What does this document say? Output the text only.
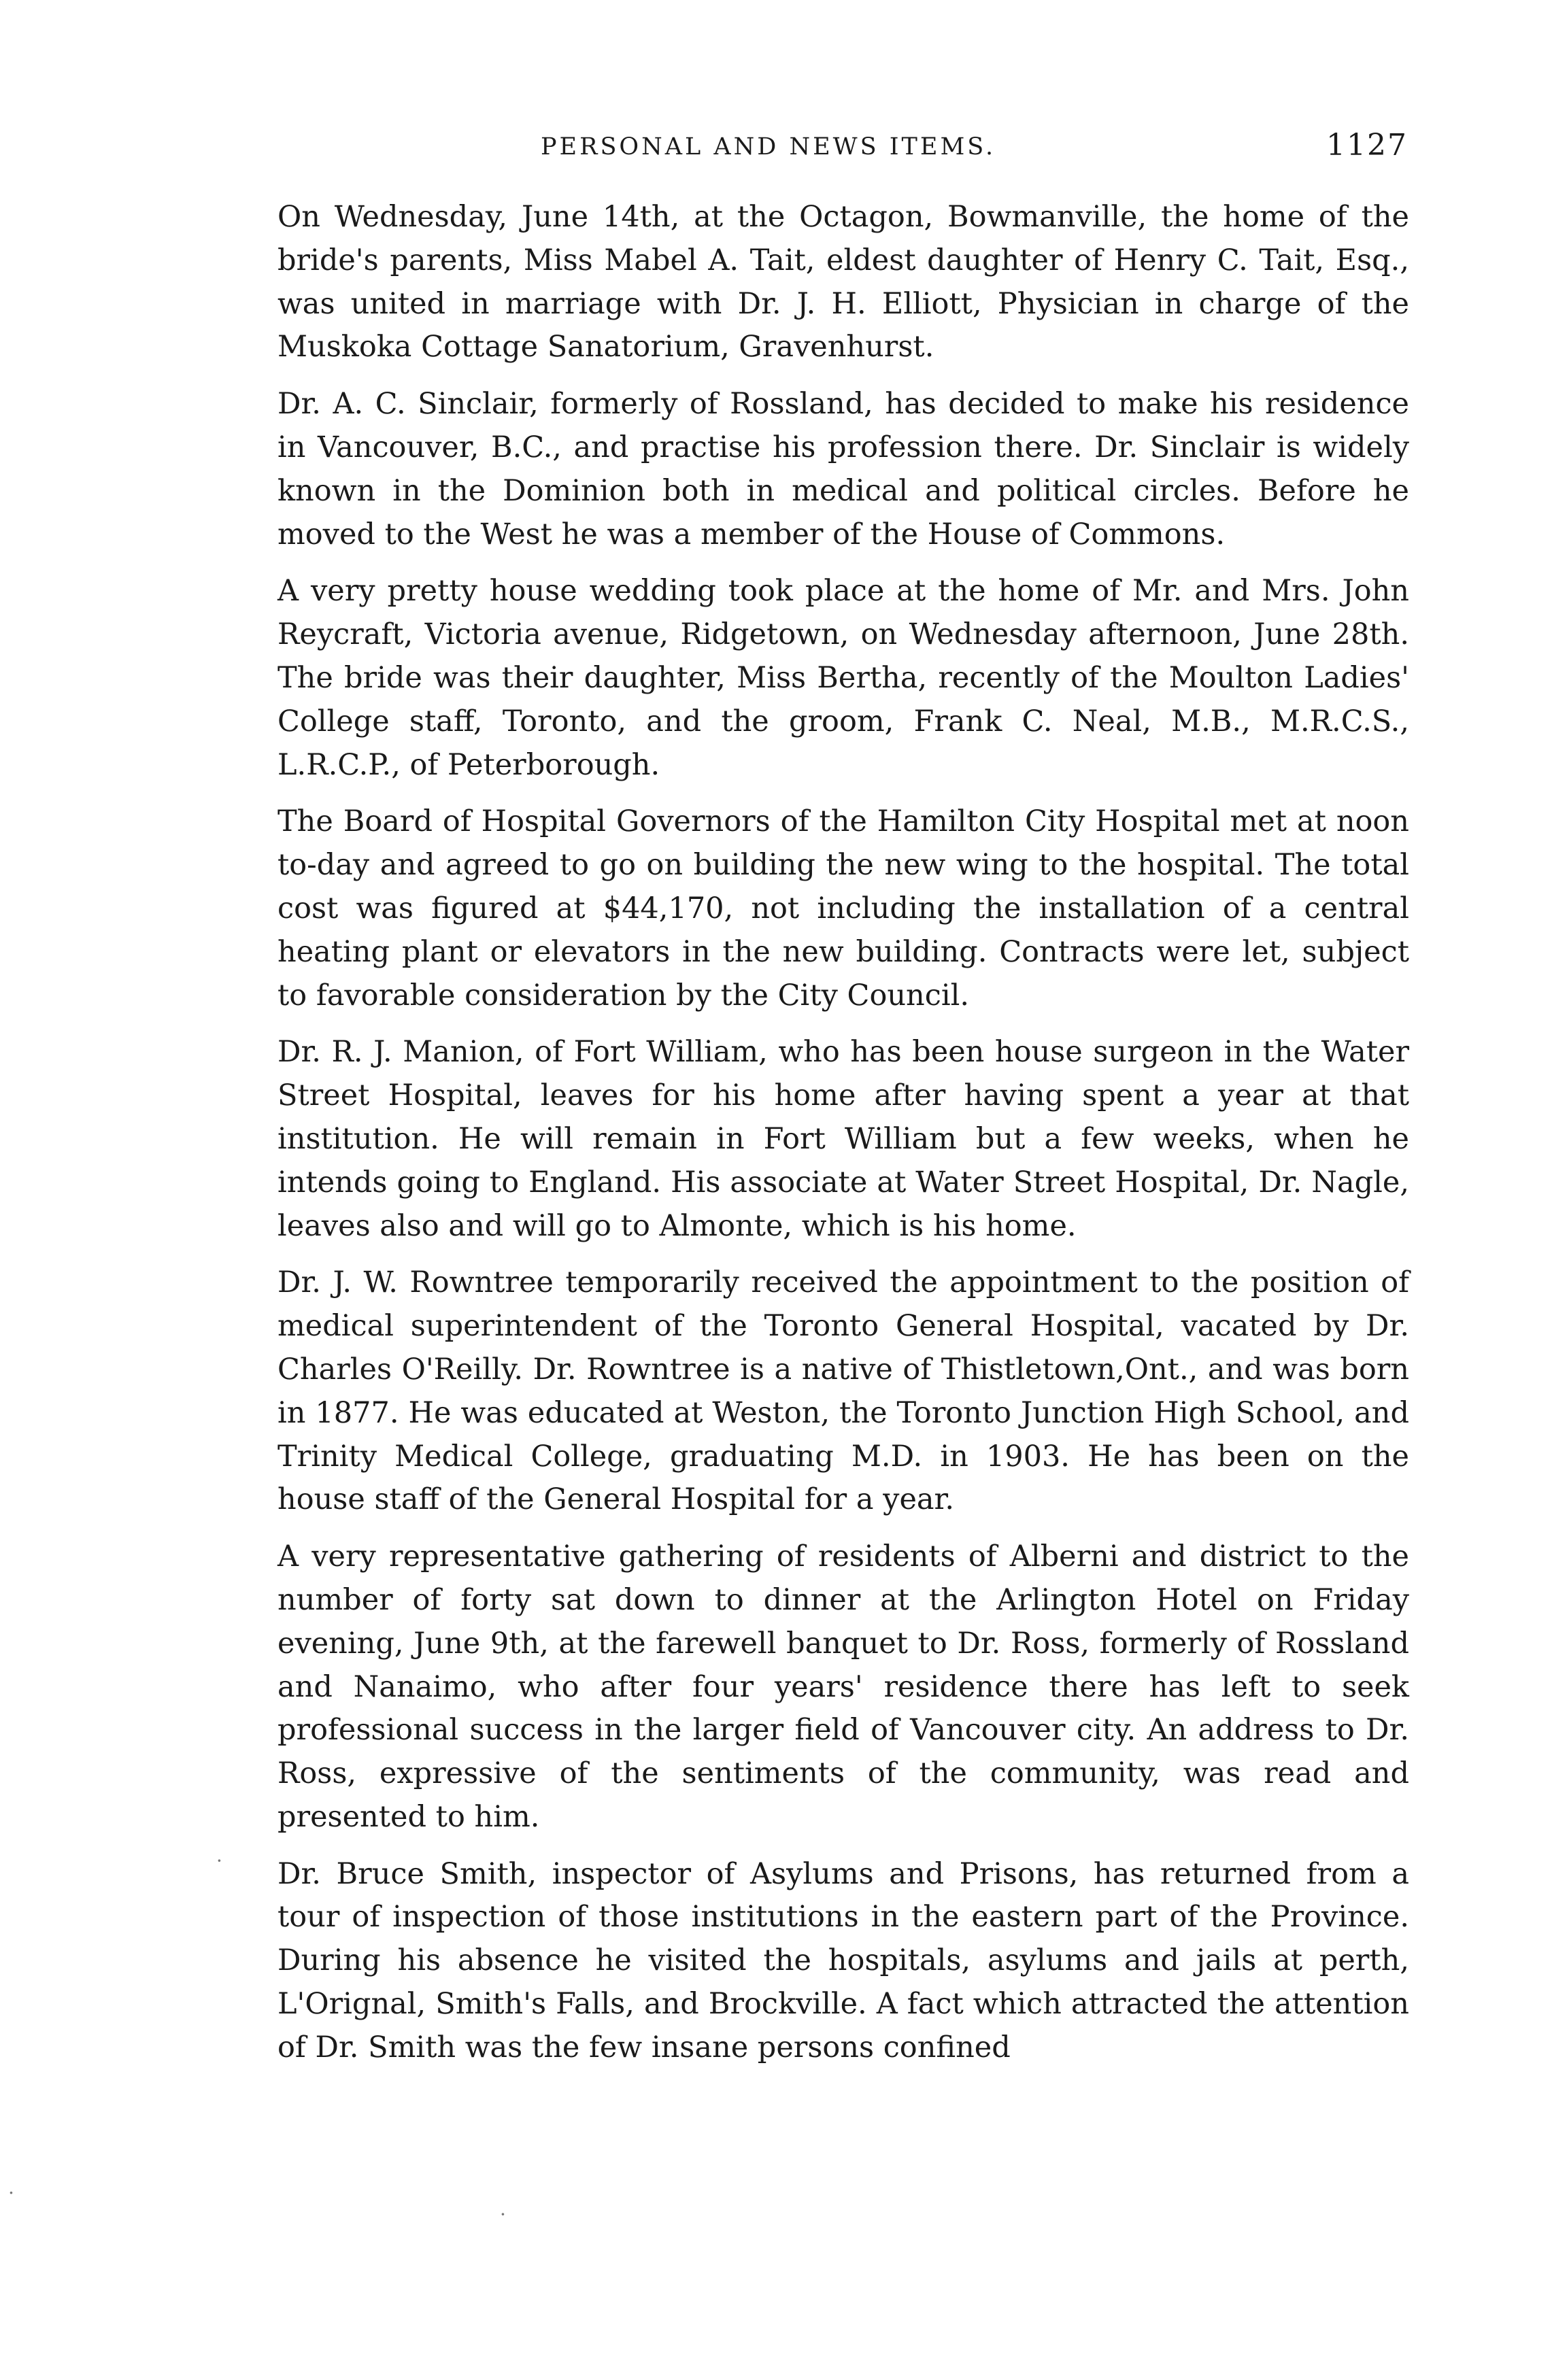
PERSONAL AND NEWS ITEMS.	1127

On Wednesday, June 14th, at the Octagon, Bowmanville, the home of the bride's parents, Miss Mabel A. Tait, eldest daughter of Henry C. Tait, Esq., was united in marriage with Dr. J. H. Elliott, Physician in charge of the Muskoka Cottage Sanatorium, Gravenhurst.

Dr. A. C. Sinclair, formerly of Rossland, has decided to make his residence in Vancouver, B.C., and practise his profession there. Dr. Sinclair is widely known in the Dominion both in medical and political circles. Before he moved to the West he was a member of the House of Commons.

A very pretty house wedding took place at the home of Mr. and Mrs. John Reycraft, Victoria avenue, Ridgetown, on Wednesday afternoon, June 28th. The bride was their daughter, Miss Bertha, recently of the Moulton Ladies' College staff, Toronto, and the groom, Frank C. Neal, M.B., M.R.C.S., L.R.C.P., of Peterborough.

The Board of Hospital Governors of the Hamilton City Hospital met at noon to-day and agreed to go on building the new wing to the hospital. The total cost was figured at $44,170, not including the installation of a central heating plant or elevators in the new building. Contracts were let, subject to favorable consideration by the City Council.

Dr. R. J. Manion, of Fort William, who has been house surgeon in the Water Street Hospital, leaves for his home after having spent a year at that institution. He will remain in Fort William but a few weeks, when he intends going to England. His associate at Water Street Hospital, Dr. Nagle, leaves also and will go to Almonte, which is his home.

Dr. J. W. Rowntree temporarily received the appointment to the position of medical superintendent of the Toronto General Hospital, vacated by Dr. Charles O'Reilly. Dr. Rowntree is a native of Thistletown,Ont., and was born in 1877. He was educated at Weston, the Toronto Junction High School, and Trinity Medical College, graduating M.D. in 1903. He has been on the house staff of the General Hospital for a year.

A very representative gathering of residents of Alberni and district to the number of forty sat down to dinner at the Arlington Hotel on Friday evening, June 9th, at the farewell banquet to Dr. Ross, formerly of Rossland and Nanaimo, who after four years' residence there has left to seek professional success in the larger field of Vancouver city. An address to Dr. Ross, expressive of the sentiments of the community, was read and presented to him.

Dr. Bruce Smith, inspector of Asylums and Prisons, has returned from a tour of inspection of those institutions in the eastern part of the Province. During his absence he visited the hospitals, asylums and jails at perth, L'Orignal, Smith's Falls, and Brockville. A fact which attracted the attention of Dr. Smith was the few insane persons confined

·
·
.
